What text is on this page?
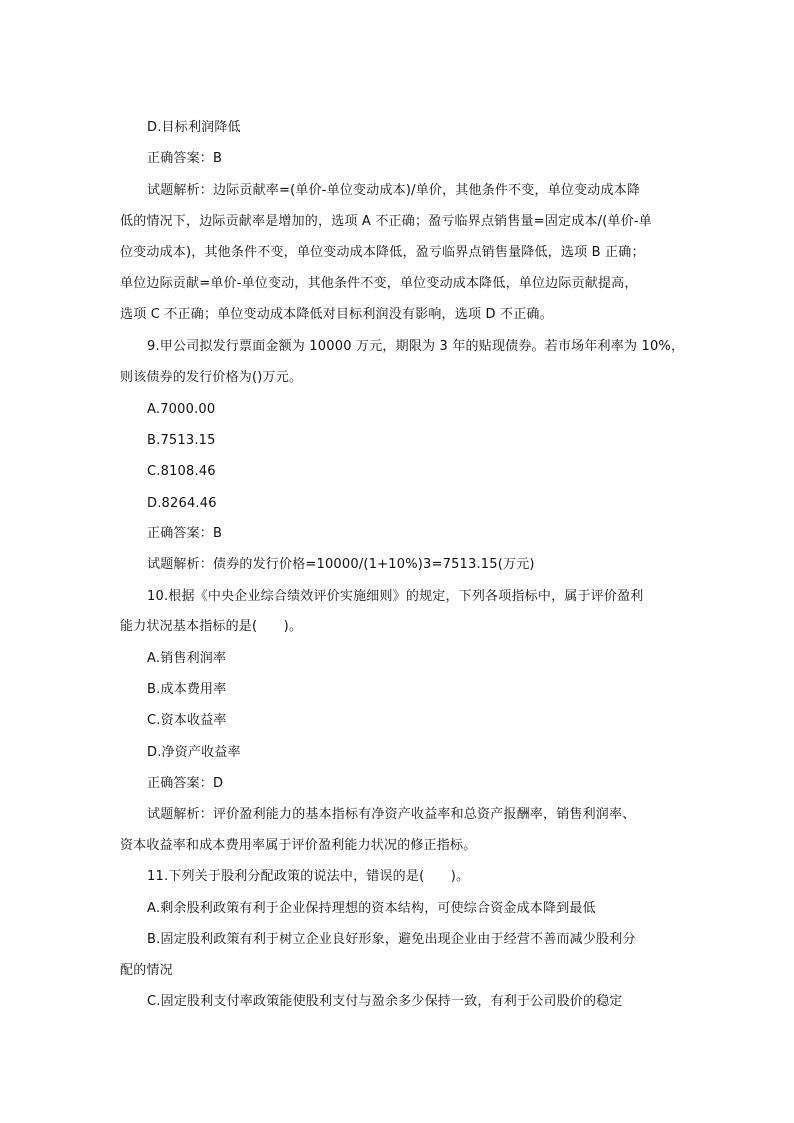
D.目标利润降低
正确答案：B
试题解析：边际贡献率=(单价-单位变动成本)/单价，其他条件不变，单位变动成本降
低的情况下，边际贡献率是增加的，选项 A 不正确；盈亏临界点销售量=固定成本/(单价-单
位变动成本)，其他条件不变，单位变动成本降低，盈亏临界点销售量降低，选项 B 正确；
单位边际贡献=单价-单位变动，其他条件不变，单位变动成本降低，单位边际贡献提高，
选项 C 不正确；单位变动成本降低对目标利润没有影响，选项 D 不正确。
9.甲公司拟发行票面金额为 10000 万元，期限为 3 年的贴现债券。若市场年利率为 10%，
则该债券的发行价格为()万元。
A.7000.00
B.7513.15
C.8108.46
D.8264.46
正确答案：B
试题解析：债券的发行价格=10000/(1+10%)3=7513.15(万元)
10.根据《中央企业综合绩效评价实施细则》的规定，下列各项指标中，属于评价盈利
能力状况基本指标的是(　　)。
A.销售利润率
B.成本费用率
C.资本收益率
D.净资产收益率
正确答案：D
试题解析：评价盈利能力的基本指标有净资产收益率和总资产报酬率，销售利润率、
资本收益率和成本费用率属于评价盈利能力状况的修正指标。
11.下列关于股利分配政策的说法中，错误的是(　　)。
A.剩余股利政策有利于企业保持理想的资本结构，可使综合资金成本降到最低
B.固定股利政策有利于树立企业良好形象，避免出现企业由于经营不善而减少股利分
配的情况
C.固定股利支付率政策能使股利支付与盈余多少保持一致，有利于公司股价的稳定
